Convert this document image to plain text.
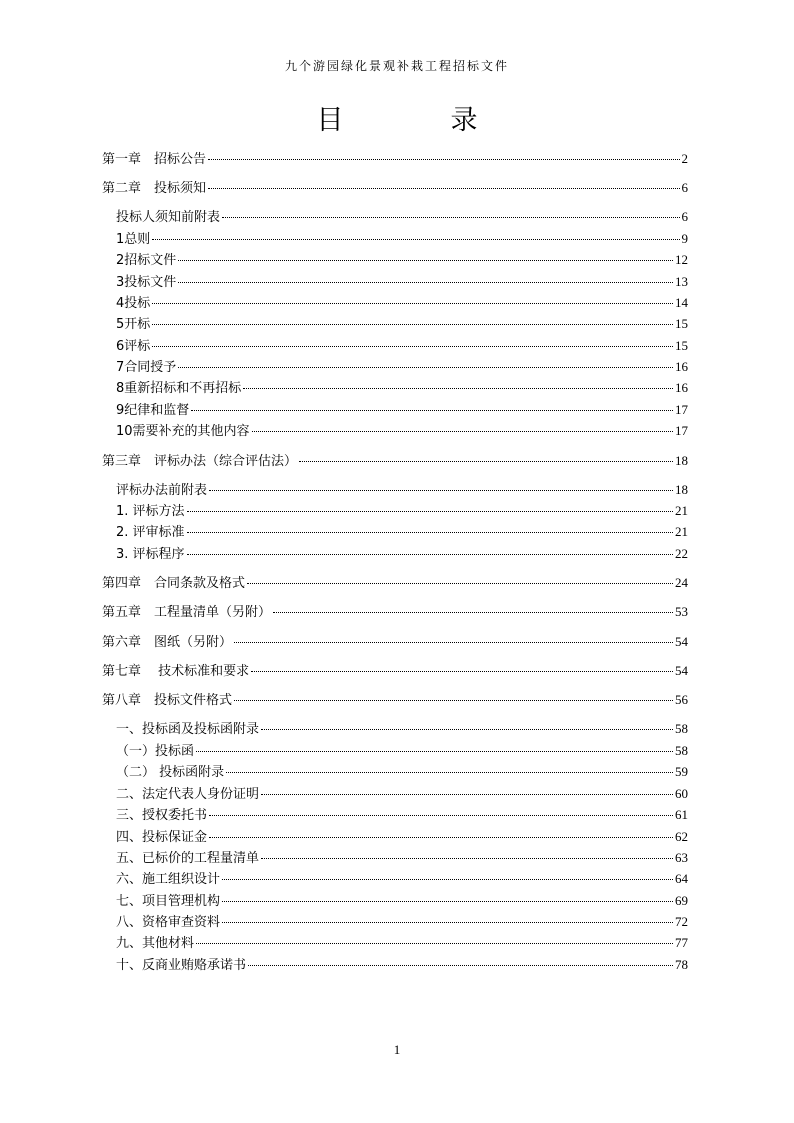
九个游园绿化景观补栽工程招标文件
目　录
第一章　招标公告	2
第二章　投标须知	6
投标人须知前附表	6
1总则	9
2招标文件	12
3投标文件	13
4投标	14
5开标	15
6评标	15
7合同授予	16
8重新招标和不再招标	16
9纪律和监督	17
10需要补充的其他内容	17
第三章　评标办法（综合评估法）	18
评标办法前附表	18
1. 评标方法	21
2. 评审标准	21
3. 评标程序	22
第四章　合同条款及格式	24
第五章　工程量清单（另附）	53
第六章　图纸（另附）	54
第七章　 技术标准和要求	54
第八章　投标文件格式	56
一、投标函及投标函附录	58
（一）投标函	58
（二） 投标函附录	59
二、法定代表人身份证明	60
三、授权委托书	61
四、投标保证金	62
五、已标价的工程量清单	63
六、施工组织设计	64
七、项目管理机构	69
八、资格审查资料	72
九、其他材料	77
十、反商业贿赂承诺书	78
1
